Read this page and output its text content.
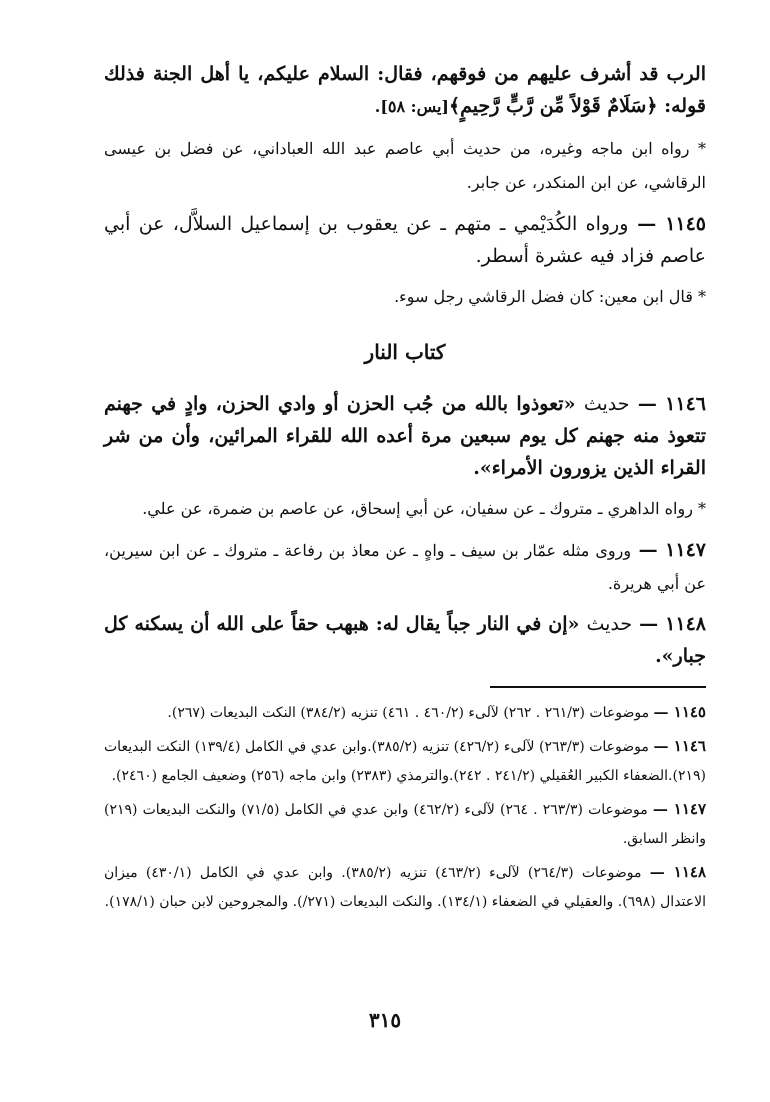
الرب قد أشرف عليهم من فوقهم، فقال: السلام عليكم، يا أهل الجنة فذلك قوله: ﴿سَلَامٌ قَوْلاً مِّن رَّبٍّ رَّحِيمٍ﴾[يس: ٥٨].

* رواه ابن ماجه وغيره، من حديث أبي عاصم عبد الله العباداني، عن فضل بن عيسى الرقاشي، عن ابن المنكدر، عن جابر.

١١٤٥ — ورواه الكُدَيْمي ـ متهم ـ عن يعقوب بن إسماعيل السلاَّل، عن أبي عاصم فزاد فيه عشرة أسطر.

* قال ابن معين: كان فضل الرقاشي رجل سوء.

كتاب النار

١١٤٦ — حديث «تعوذوا بالله من جُب الحزن أو وادي الحزن، وادٍ في جهنم تتعوذ منه جهنم كل يوم سبعين مرة أعده الله للقراء المرائين، وأن من شر القراء الذين يزورون الأمراء».

* رواه الداهري ـ متروك ـ عن سفيان، عن أبي إسحاق، عن عاصم بن ضمرة، عن علي.

١١٤٧ — وروى مثله عمّار بن سيف ـ واهٍ ـ عن معاذ بن رفاعة ـ متروك ـ عن ابن سيرين، عن أبي هريرة.

١١٤٨ — حديث «إن في النار جباً يقال له: هبهب حقاً على الله أن يسكنه كل جبار».

١١٤٥ — موضوعات (٢٦١/٣ . ٢٦٢) لآلىء (٤٦٠/٢ . ٤٦١) تنزيه (٣٨٤/٢) النكت البديعات (٢٦٧).

١١٤٦ — موضوعات (٢٦٣/٣) لآلىء (٤٢٦/٢) تنزيه (٣٨٥/٢).وابن عدي في الكامل (١٣٩/٤) النكت البديعات (٢١٩).الضعفاء الكبير العُقيلي (٢٤١/٢ . ٢٤٢).والترمذي (٢٣٨٣) وابن ماجه (٢٥٦) وضعيف الجامع (٢٤٦٠).

١١٤٧ — موضوعات (٢٦٣/٣ . ٢٦٤) لآلىء (٤٦٢/٢) وابن عدي في الكامل (٧١/٥) والنكت البديعات (٢١٩) وانظر السابق.

١١٤٨ — موضوعات (٢٦٤/٣) لآلىء (٤٦٣/٢) تنزيه (٣٨٥/٢). وابن عدي في الكامل (٤٣٠/١) ميزان الاعتدال (٦٩٨). والعقيلي في الضعفاء (١٣٤/١). والنكت البديعات (٢٧١/). والمجروحين لابن حبان (١٧٨/١).

٣١٥
